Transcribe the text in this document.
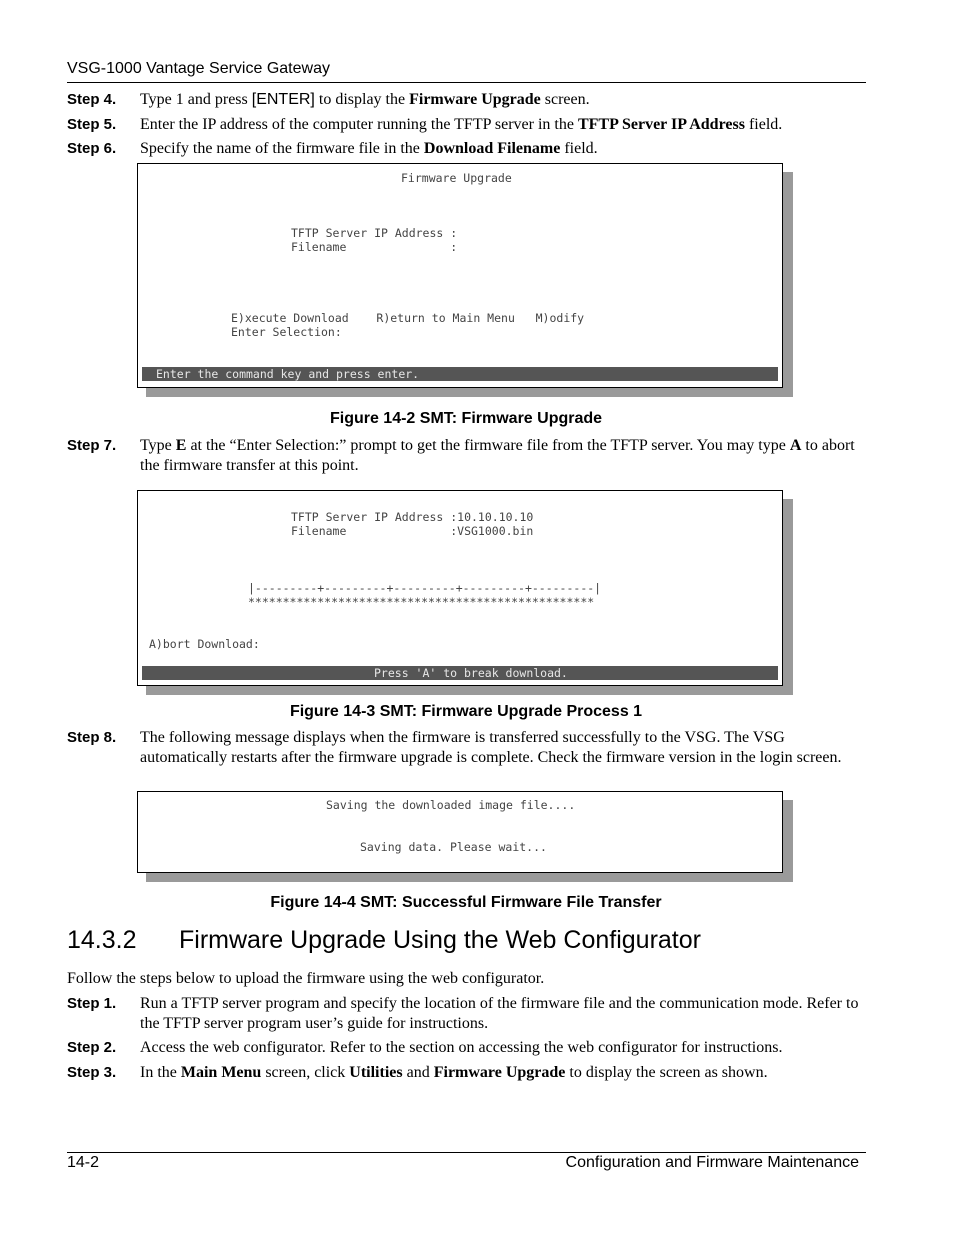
VSG-1000 Vantage Service Gateway
Step 4. Type 1 and press [ENTER] to display the Firmware Upgrade screen.
Step 5. Enter the IP address of the computer running the TFTP server in the TFTP Server IP Address field.
Step 6. Specify the name of the firmware file in the Download Filename field.
Firmware Upgrade
TFTP Server IP Address :
Filename               :
E)xecute Download    R)eturn to Main Menu   M)odify
Enter Selection:
Enter the command key and press enter.
Figure 14-2 SMT: Firmware Upgrade
Step 7. Type E at the “Enter Selection:” prompt to get the firmware file from the TFTP server. You may type A to abort the firmware transfer at this point.
TFTP Server IP Address :10.10.10.10
Filename               :VSG1000.bin
|---------+---------+---------+---------+---------|
**************************************************
A)bort Download:
Press 'A' to break download.
Figure 14-3 SMT: Firmware Upgrade Process 1
Step 8. The following message displays when the firmware is transferred successfully to the VSG. The VSG automatically restarts after the firmware upgrade is complete. Check the firmware version in the login screen.
Saving the downloaded image file....
Saving data. Please wait...
Figure 14-4 SMT: Successful Firmware File Transfer
14.3.2 Firmware Upgrade Using the Web Configurator
Follow the steps below to upload the firmware using the web configurator.
Step 1. Run a TFTP server program and specify the location of the firmware file and the communication mode. Refer to the TFTP server program user’s guide for instructions.
Step 2. Access the web configurator. Refer to the section on accessing the web configurator for instructions.
Step 3. In the Main Menu screen, click Utilities and Firmware Upgrade to display the screen as shown.
14-2	Configuration and Firmware Maintenance
